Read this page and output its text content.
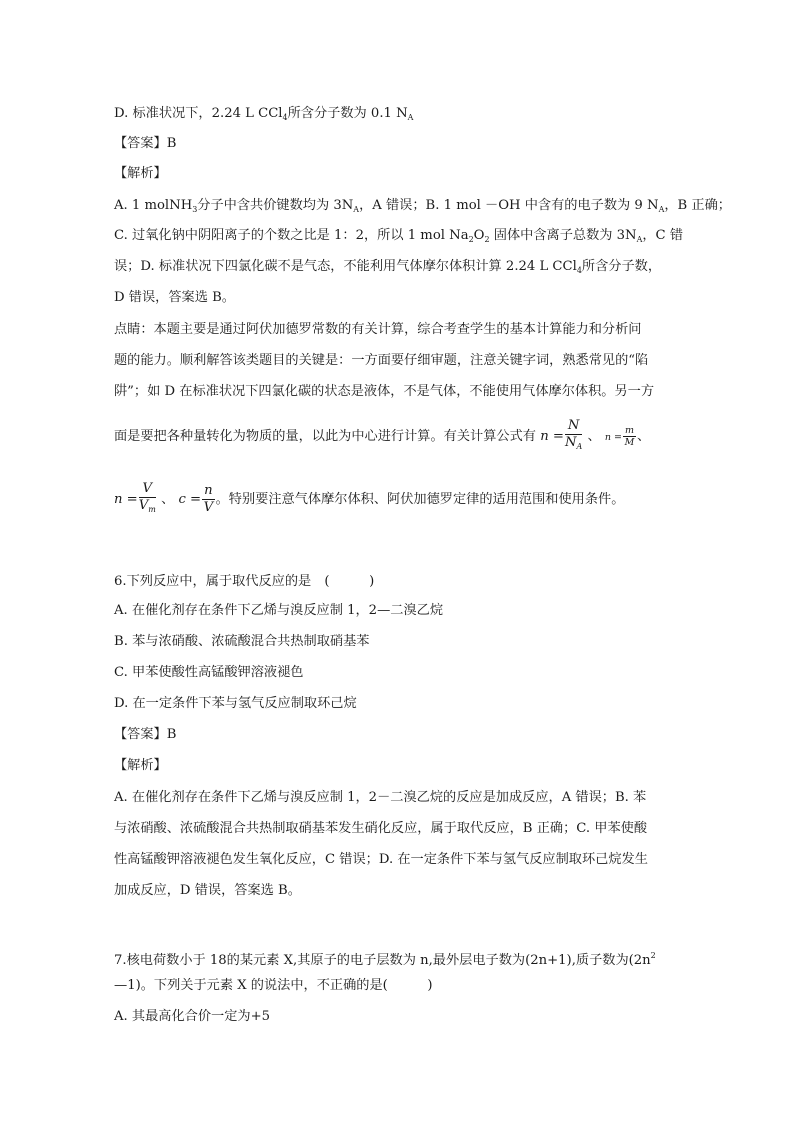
D. 标准状况下，2.24 L CCl$_4$所含分子数为 0.1 $N_A$
【答案】B
【解析】
A. 1 molNH$_3$分子中含共价键数均为 $3N_A$，A 错误；B. 1 mol －OH 中含有的电子数为 9 $N_A$，B 正确；
C. 过氧化钠中阴阳离子的个数之比是 1：2，所以 1 mol $Na_2O_2$ 固体中含离子总数为 $3N_A$，C 错
误；D. 标准状况下四氯化碳不是气态，不能利用气体摩尔体积计算 2.24 L CCl$_4$所含分子数，
D 错误，答案选 B。
点睛：本题主要是通过阿伏加德罗常数的有关计算，综合考查学生的基本计算能力和分析问
题的能力。顺利解答该类题目的关键是：一方面要仔细审题，注意关键字词，熟悉常见的“陷
阱”；如 D 在标准状况下四氯化碳的状态是液体，不是气体，不能使用气体摩尔体积。另一方
面是要把各种量转化为物质的量，以此为中心进行计算。有关计算公式有 $n = \frac{N}{N_A}$ 、 $n = \frac{m}{M}$ 、
$n = \frac{V}{V_m}$ 、 $c = \frac{n}{V}$ 。特别要注意气体摩尔体积、阿伏加德罗定律的适用范围和使用条件。
6.下列反应中，属于取代反应的是　(　　　)
A. 在催化剂存在条件下乙烯与溴反应制 1，2—二溴乙烷
B. 苯与浓硝酸、浓硫酸混合共热制取硝基苯
C. 甲苯使酸性高锰酸钾溶液褪色
D. 在一定条件下苯与氢气反应制取环己烷
【答案】B
【解析】
A. 在催化剂存在条件下乙烯与溴反应制 1，2－二溴乙烷的反应是加成反应，A 错误；B. 苯
与浓硝酸、浓硫酸混合共热制取硝基苯发生硝化反应，属于取代反应，B 正确；C. 甲苯使酸
性高锰酸钾溶液褪色发生氧化反应，C 错误；D. 在一定条件下苯与氢气反应制取环己烷发生
加成反应，D 错误，答案选 B。
7.核电荷数小于 18的某元素 X,其原子的电子层数为 n,最外层电子数为(2n+1),质子数为($2n^2$
—1)。下列关于元素 X 的说法中，不正确的是(　　　)
A. 其最高化合价一定为+5
